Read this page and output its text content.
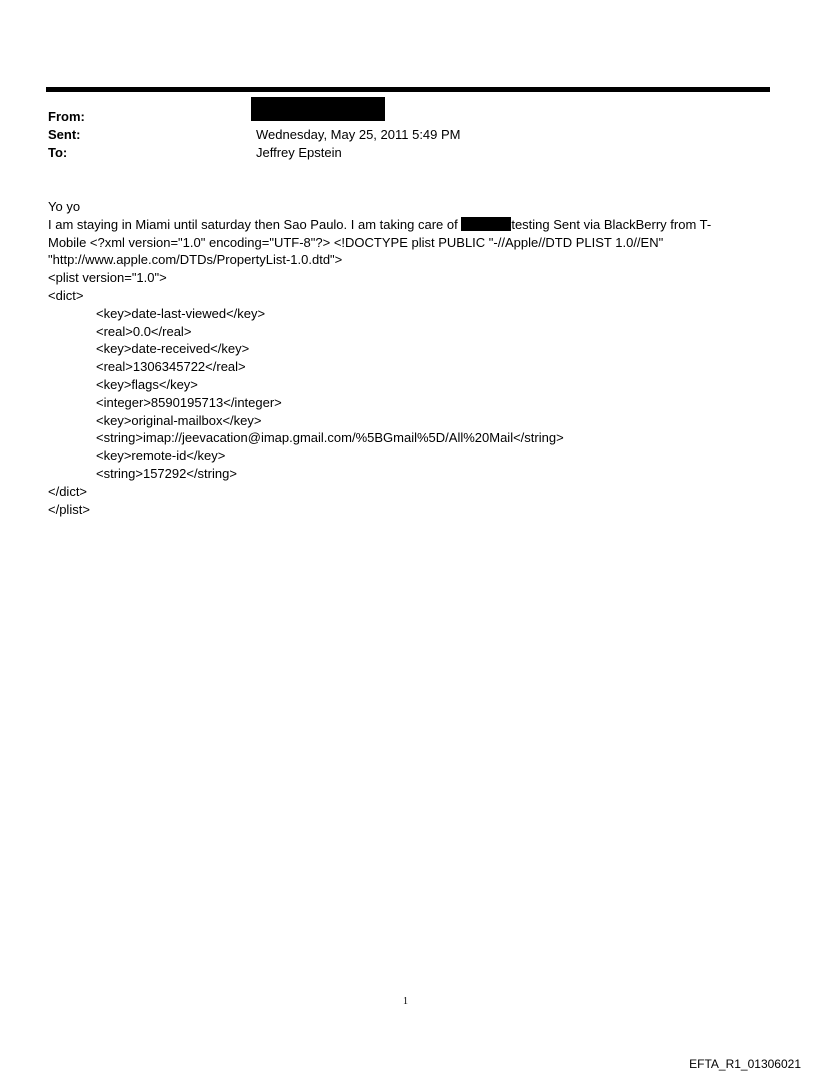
From:
Sent:	Wednesday, May 25, 2011 5:49 PM
To:	Jeffrey Epstein
Yo yo
I am staying in Miami until saturday then Sao Paulo. I am taking care of	testing Sent via BlackBerry from T-
Mobile <?xml version="1.0" encoding="UTF-8"?> <!DOCTYPE plist PUBLIC "-//Apple//DTD PLIST 1.0//EN"
"http://www.apple.com/DTDs/PropertyList-1.0.dtd">
<plist version="1.0">
<dict>
<key>date-last-viewed</key>
<real>0.0</real>
<key>date-received</key>
<real>1306345722</real>
<key>flags</key>
<integer>8590195713</integer>
<key>original-mailbox</key>
<string>imap://jeevacation@imap.gmail.com/%5BGmail%5D/All%20Mail</string>
<key>remote-id</key>
<string>157292</string>
</dict>
</plist>
1
EFTA_R1_01306021
